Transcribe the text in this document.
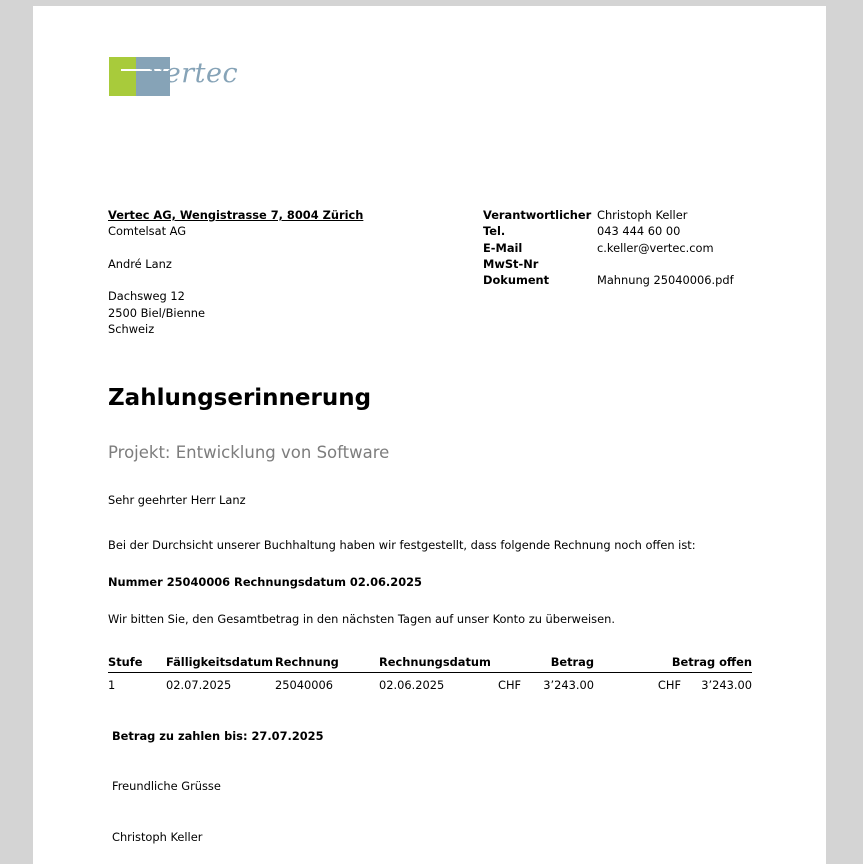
vertec
Vertec AG, Wengistrasse 7, 8004 Zürich
Comtelsat AG
André Lanz
Dachsweg 12
2500 Biel/Bienne
Schweiz
Verantwortlicher Christoph Keller
Tel.	043 444 60 00
E-Mail	c.keller@vertec.com
MwSt-Nr
Dokument	Mahnung 25040006.pdf
Zahlungserinnerung
Projekt: Entwicklung von Software
Sehr geehrter Herr Lanz
Bei der Durchsicht unserer Buchhaltung haben wir festgestellt, dass folgende Rechnung noch offen ist:
Nummer 25040006 Rechnungsdatum 02.06.2025
Wir bitten Sie, den Gesamtbetrag in den nächsten Tagen auf unser Konto zu überweisen.
Stufe	Fälligkeitsdatum	Rechnung	Rechnungsdatum	Betrag		Betrag offen	
1	02.07.2025	25040006	02.06.2025	CHF	3’243.00	CHF	3’243.00
Betrag zu zahlen bis: 27.07.2025
Freundliche Grüsse
Christoph Keller
